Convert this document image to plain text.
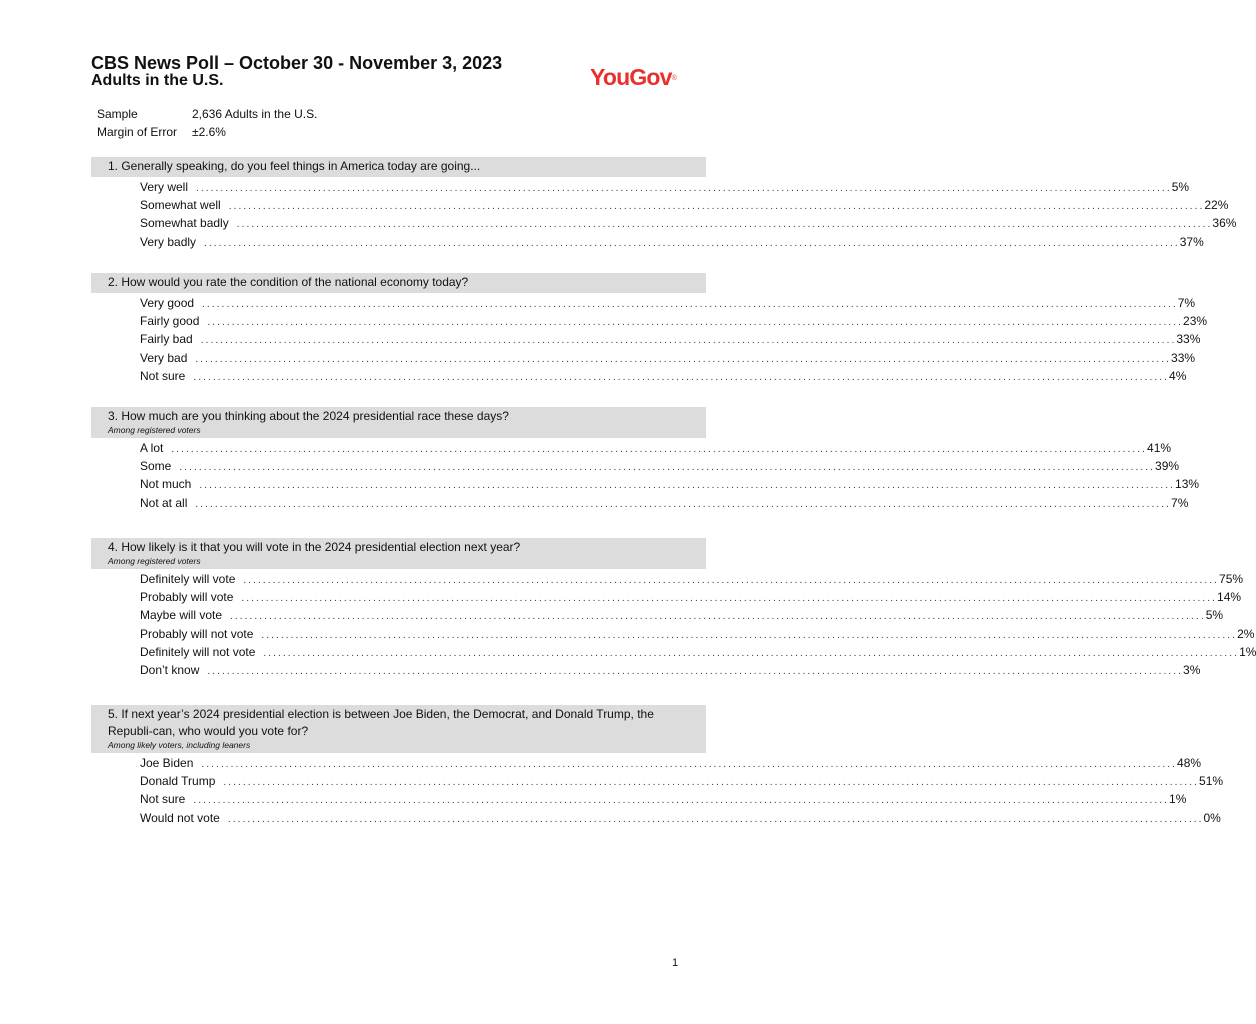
CBS News Poll – October 30 - November 3, 2023
Adults in the U.S.	YouGov®
Sample	2,636 Adults in the U.S.
Margin of Error	±2.6%
1. Generally speaking, do you feel things in America today are going...
Very well ........................................................................................................................................................................................................ 5%
Somewhat well ........................................................................................................................................................................................................ 22%
Somewhat badly ........................................................................................................................................................................................................ 36%
Very badly ........................................................................................................................................................................................................ 37%
2. How would you rate the condition of the national economy today?
Very good ........................................................................................................................................................................................................ 7%
Fairly good ........................................................................................................................................................................................................ 23%
Fairly bad ........................................................................................................................................................................................................ 33%
Very bad ........................................................................................................................................................................................................ 33%
Not sure ........................................................................................................................................................................................................ 4%
3. How much are you thinking about the 2024 presidential race these days?
Among registered voters
A lot ........................................................................................................................................................................................................ 41%
Some ........................................................................................................................................................................................................ 39%
Not much ........................................................................................................................................................................................................ 13%
Not at all ........................................................................................................................................................................................................ 7%
4. How likely is it that you will vote in the 2024 presidential election next year?
Among registered voters
Definitely will vote ........................................................................................................................................................................................................ 75%
Probably will vote ........................................................................................................................................................................................................ 14%
Maybe will vote ........................................................................................................................................................................................................ 5%
Probably will not vote ........................................................................................................................................................................................................ 2%
Definitely will not vote ........................................................................................................................................................................................................ 1%
Don’t know ........................................................................................................................................................................................................ 3%
5. If next year’s 2024 presidential election is between Joe Biden, the Democrat, and Donald Trump, the Republi-can, who would you vote for?
Among likely voters, including leaners
Joe Biden ........................................................................................................................................................................................................ 48%
Donald Trump ........................................................................................................................................................................................................ 51%
Not sure ........................................................................................................................................................................................................ 1%
Would not vote ........................................................................................................................................................................................................ 0%
1
